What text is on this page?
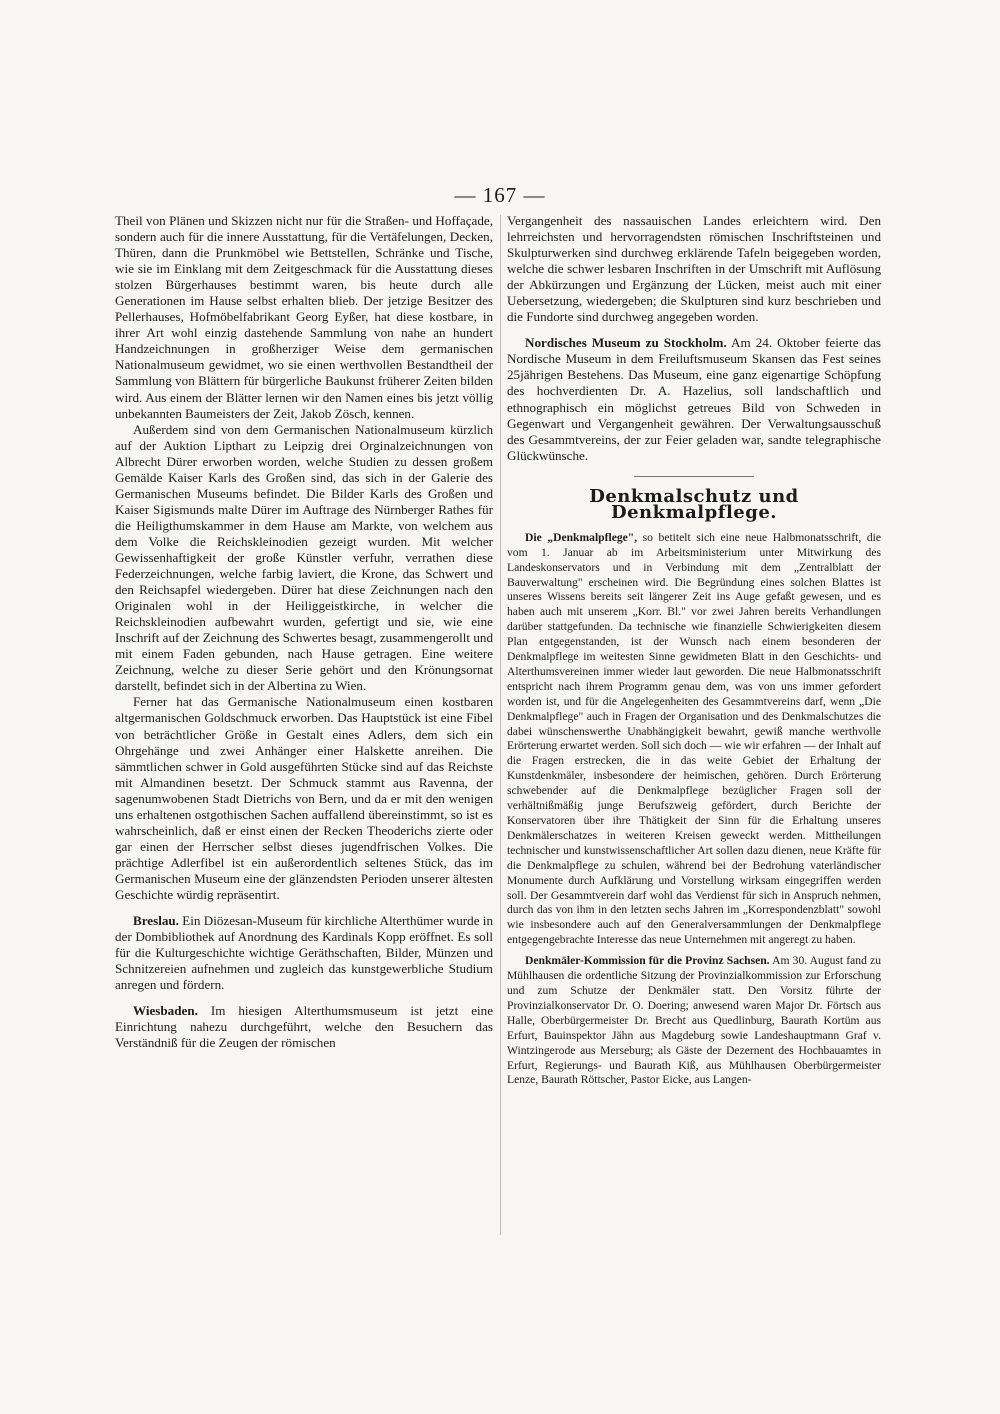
— 167 —

Theil von Plänen und Skizzen nicht nur für die Straßen- und Hoffaçade, sondern auch für die innere Ausstattung, für die Vertäfelungen, Decken, Thüren, dann die Prunkmöbel wie Bettstellen, Schränke und Tische, wie sie im Einklang mit dem Zeitgeschmack für die Ausstattung dieses stolzen Bürgerhauses bestimmt waren, bis heute durch alle Generationen im Hause selbst erhalten blieb. Der jetzige Besitzer des Pellerhauses, Hofmöbelfabrikant Georg Eyßer, hat diese kostbare, in ihrer Art wohl einzig dastehende Sammlung von nahe an hundert Handzeichnungen in großherziger Weise dem germanischen Nationalmuseum gewidmet, wo sie einen werthvollen Bestandtheil der Sammlung von Blättern für bürgerliche Baukunst früherer Zeiten bilden wird. Aus einem der Blätter lernen wir den Namen eines bis jetzt völlig unbekannten Baumeisters der Zeit, Jakob Zösch, kennen.

Außerdem sind von dem Germanischen Nationalmuseum kürzlich auf der Auktion Lipthart zu Leipzig drei Orginalzeichnungen von Albrecht Dürer erworben worden, welche Studien zu dessen großem Gemälde Kaiser Karls des Großen sind, das sich in der Galerie des Germanischen Museums befindet. Die Bilder Karls des Großen und Kaiser Sigismunds malte Dürer im Auftrage des Nürnberger Rathes für die Heiligthumskammer in dem Hause am Markte, von welchem aus dem Volke die Reichskleinodien gezeigt wurden. Mit welcher Gewissenhaftigkeit der große Künstler verfuhr, verrathen diese Federzeichnungen, welche farbig laviert, die Krone, das Schwert und den Reichsapfel wiedergeben. Dürer hat diese Zeichnungen nach den Originalen wohl in der Heiliggeistkirche, in welcher die Reichskleinodien aufbewahrt wurden, gefertigt und sie, wie eine Inschrift auf der Zeichnung des Schwertes besagt, zusammengerollt und mit einem Faden gebunden, nach Hause getragen. Eine weitere Zeichnung, welche zu dieser Serie gehört und den Krönungsornat darstellt, befindet sich in der Albertina zu Wien.

Ferner hat das Germanische Nationalmuseum einen kostbaren altgermanischen Goldschmuck erworben. Das Hauptstück ist eine Fibel von beträchtlicher Größe in Gestalt eines Adlers, dem sich ein Ohrgehänge und zwei Anhänger einer Halskette anreihen. Die sämmtlichen schwer in Gold ausgeführten Stücke sind auf das Reichste mit Almandinen besetzt. Der Schmuck stammt aus Ravenna, der sagenumwobenen Stadt Dietrichs von Bern, und da er mit den wenigen uns erhaltenen ostgothischen Sachen auffallend übereinstimmt, so ist es wahrscheinlich, daß er einst einen der Recken Theoderichs zierte oder gar einen der Herrscher selbst dieses jugendfrischen Volkes. Die prächtige Adlerfibel ist ein außerordentlich seltenes Stück, das im Germanischen Museum eine der glänzendsten Perioden unserer ältesten Geschichte würdig repräsentirt.

Breslau. Ein Diözesan-Museum für kirchliche Alterthümer wurde in der Dombibliothek auf Anordnung des Kardinals Kopp eröffnet. Es soll für die Kulturgeschichte wichtige Geräthschaften, Bilder, Münzen und Schnitzereien aufnehmen und zugleich das kunstgewerbliche Studium anregen und fördern.

Wiesbaden. Im hiesigen Alterthumsmuseum ist jetzt eine Einrichtung nahezu durchgeführt, welche den Besuchern das Verständniß für die Zeugen der römischen

Vergangenheit des nassauischen Landes erleichtern wird. Den lehrreichsten und hervorragendsten römischen Inschriftsteinen und Skulpturwerken sind durchweg erklärende Tafeln beigegeben worden, welche die schwer lesbaren Inschriften in der Umschrift mit Auflösung der Abkürzungen und Ergänzung der Lücken, meist auch mit einer Uebersetzung, wiedergeben; die Skulpturen sind kurz beschrieben und die Fundorte sind durchweg angegeben worden.

Nordisches Museum zu Stockholm. Am 24. Oktober feierte das Nordische Museum in dem Freiluftsmuseum Skansen das Fest seines 25jährigen Bestehens. Das Museum, eine ganz eigenartige Schöpfung des hochverdienten Dr. A. Hazelius, soll landschaftlich und ethnographisch ein möglichst getreues Bild von Schweden in Gegenwart und Vergangenheit gewähren. Der Verwaltungsausschuß des Gesammtvereins, der zur Feier geladen war, sandte telegraphische Glückwünsche.

Denkmalschutz und Denkmalpflege.

Die „Denkmalpflege", so betitelt sich eine neue Halbmonatsschrift, die vom 1. Januar ab im Arbeitsministerium unter Mitwirkung des Landeskonservators und in Verbindung mit dem „Zentralblatt der Bauverwaltung" erscheinen wird. Die Begründung eines solchen Blattes ist unseres Wissens bereits seit längerer Zeit ins Auge gefaßt gewesen, und es haben auch mit unserem „Korr. Bl." vor zwei Jahren bereits Verhandlungen darüber stattgefunden. Da technische wie finanzielle Schwierigkeiten diesem Plan entgegenstanden, ist der Wunsch nach einem besonderen der Denkmalpflege im weitesten Sinne gewidmeten Blatt in den Geschichts- und Alterthumsvereinen immer wieder laut geworden. Die neue Halbmonatsschrift entspricht nach ihrem Programm genau dem, was von uns immer gefordert worden ist, und für die Angelegenheiten des Gesammtvereins darf, wenn „Die Denkmalpflege" auch in Fragen der Organisation und des Denkmalschutzes die dabei wünschenswerthe Unabhängigkeit bewahrt, gewiß manche werthvolle Erörterung erwartet werden. Soll sich doch — wie wir erfahren — der Inhalt auf die Fragen erstrecken, die in das weite Gebiet der Erhaltung der Kunstdenkmäler, insbesondere der heimischen, gehören. Durch Erörterung schwebender auf die Denkmalpflege bezüglicher Fragen soll der verhältnißmäßig junge Berufszweig gefördert, durch Berichte der Konservatoren über ihre Thätigkeit der Sinn für die Erhaltung unseres Denkmälerschatzes in weiteren Kreisen geweckt werden. Mittheilungen technischer und kunstwissenschaftlicher Art sollen dazu dienen, neue Kräfte für die Denkmalpflege zu schulen, während bei der Bedrohung vaterländischer Monumente durch Aufklärung und Vorstellung wirksam eingegriffen werden soll. Der Gesammtverein darf wohl das Verdienst für sich in Anspruch nehmen, durch das von ihm in den letzten sechs Jahren im „Korrespondenzblatt" sowohl wie insbesondere auch auf den Generalversammlungen der Denkmalpflege entgegengebrachte Interesse das neue Unternehmen mit angeregt zu haben.

Denkmäler-Kommission für die Provinz Sachsen. Am 30. August fand zu Mühlhausen die ordentliche Sitzung der Provinzialkommission zur Erforschung und zum Schutze der Denkmäler statt. Den Vorsitz führte der Provinzialkonservator Dr. O. Doering; anwesend waren Major Dr. Förtsch aus Halle, Oberbürgermeister Dr. Brecht aus Quedlinburg, Baurath Kortüm aus Erfurt, Bauinspektor Jähn aus Magdeburg sowie Landeshauptmann Graf v. Wintzingerode aus Merseburg; als Gäste der Dezernent des Hochbauamtes in Erfurt, Regierungs- und Baurath Kiß, aus Mühlhausen Oberbürgermeister Lenze, Baurath Röttscher, Pastor Eicke, aus Langen-
